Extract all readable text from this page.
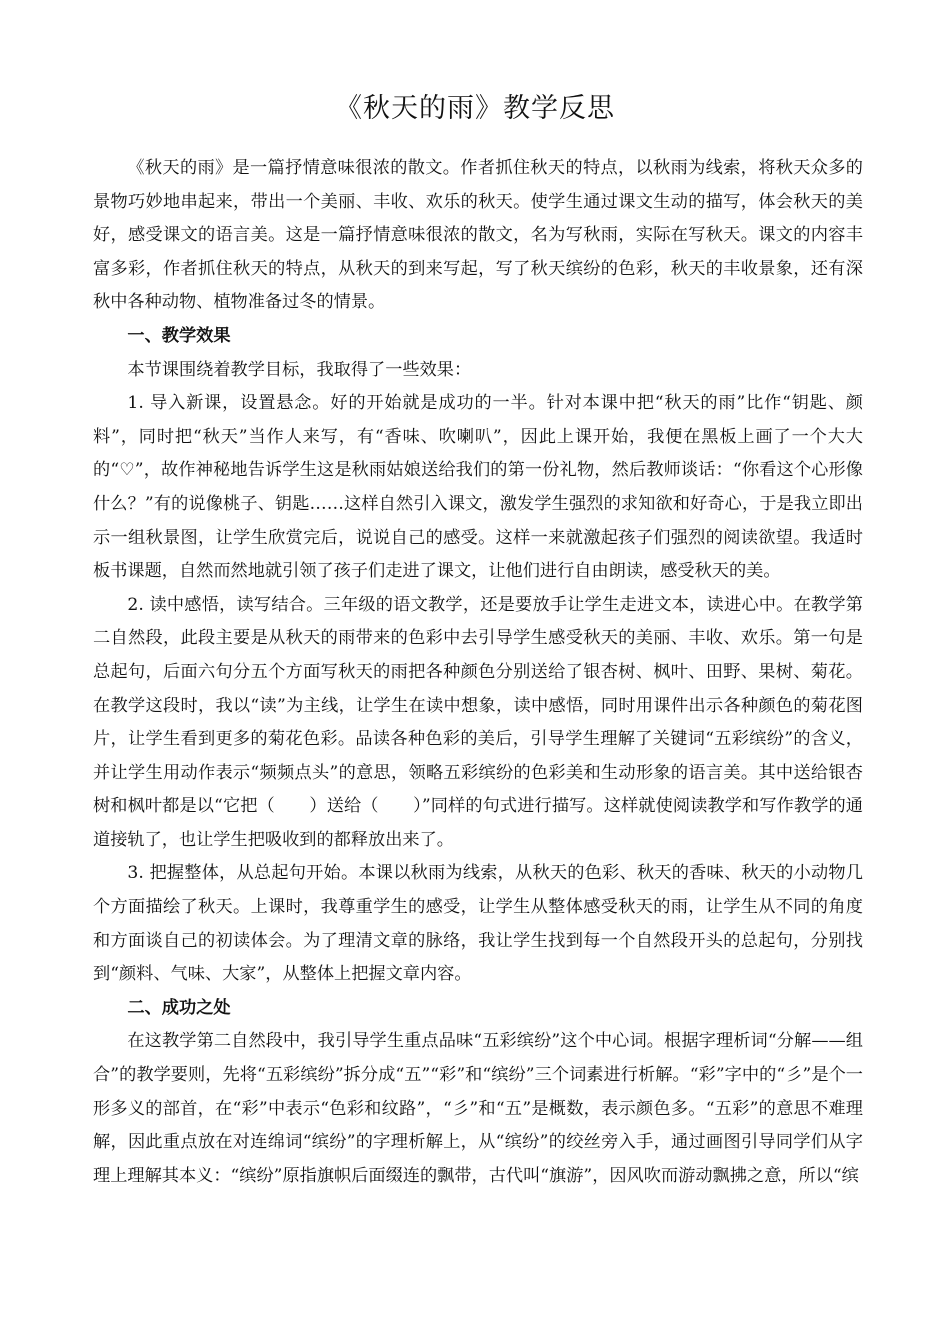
《秋天的雨》教学反思

《秋天的雨》是一篇抒情意味很浓的散文。作者抓住秋天的特点，以秋雨为线索，将秋天众多的景物巧妙地串起来，带出一个美丽、丰收、欢乐的秋天。使学生通过课文生动的描写，体会秋天的美好，感受课文的语言美。这是一篇抒情意味很浓的散文，名为写秋雨，实际在写秋天。课文的内容丰富多彩，作者抓住秋天的特点，从秋天的到来写起，写了秋天缤纷的色彩，秋天的丰收景象，还有深秋中各种动物、植物准备过冬的情景。

一、教学效果

本节课围绕着教学目标，我取得了一些效果：

1. 导入新课，设置悬念。好的开始就是成功的一半。针对本课中把“秋天的雨”比作“钥匙、颜料”，同时把“秋天”当作人来写，有“香味、吹喇叭”，因此上课开始，我便在黑板上画了一个大大的“♡”，故作神秘地告诉学生这是秋雨姑娘送给我们的第一份礼物，然后教师谈话：“你看这个心形像什么？”有的说像桃子、钥匙……这样自然引入课文，激发学生强烈的求知欲和好奇心，于是我立即出示一组秋景图，让学生欣赏完后，说说自己的感受。这样一来就激起孩子们强烈的阅读欲望。我适时板书课题，自然而然地就引领了孩子们走进了课文，让他们进行自由朗读，感受秋天的美。

2. 读中感悟，读写结合。三年级的语文教学，还是要放手让学生走进文本，读进心中。在教学第二自然段，此段主要是从秋天的雨带来的色彩中去引导学生感受秋天的美丽、丰收、欢乐。第一句是总起句，后面六句分五个方面写秋天的雨把各种颜色分别送给了银杏树、枫叶、田野、果树、菊花。在教学这段时，我以“读”为主线，让学生在读中想象，读中感悟，同时用课件出示各种颜色的菊花图片，让学生看到更多的菊花色彩。品读各种色彩的美后，引导学生理解了关键词“五彩缤纷”的含义，并让学生用动作表示“频频点头”的意思，领略五彩缤纷的色彩美和生动形象的语言美。其中送给银杏树和枫叶都是以“它把（　　）送给（　　）”同样的句式进行描写。这样就使阅读教学和写作教学的通道接轨了，也让学生把吸收到的都释放出来了。

3. 把握整体，从总起句开始。本课以秋雨为线索，从秋天的色彩、秋天的香味、秋天的小动物几个方面描绘了秋天。上课时，我尊重学生的感受，让学生从整体感受秋天的雨，让学生从不同的角度和方面谈自己的初读体会。为了理清文章的脉络，我让学生找到每一个自然段开头的总起句，分别找到“颜料、气味、大家”，从整体上把握文章内容。

二、成功之处

在这教学第二自然段中，我引导学生重点品味“五彩缤纷”这个中心词。根据字理析词“分解——组合”的教学要则，先将“五彩缤纷”拆分成“五”“彩”和“缤纷”三个词素进行析解。“彩”字中的“彡”是个一形多义的部首，在“彩”中表示“色彩和纹路”，“彡”和“五”是概数，表示颜色多。“五彩”的意思不难理解，因此重点放在对连绵词“缤纷”的字理析解上，从“缤纷”的绞丝旁入手，通过画图引导同学们从字理上理解其本义：“缤纷”原指旗帜后面缀连的飘带，古代叫“旗游”，因风吹而游动飘拂之意，所以“缤
